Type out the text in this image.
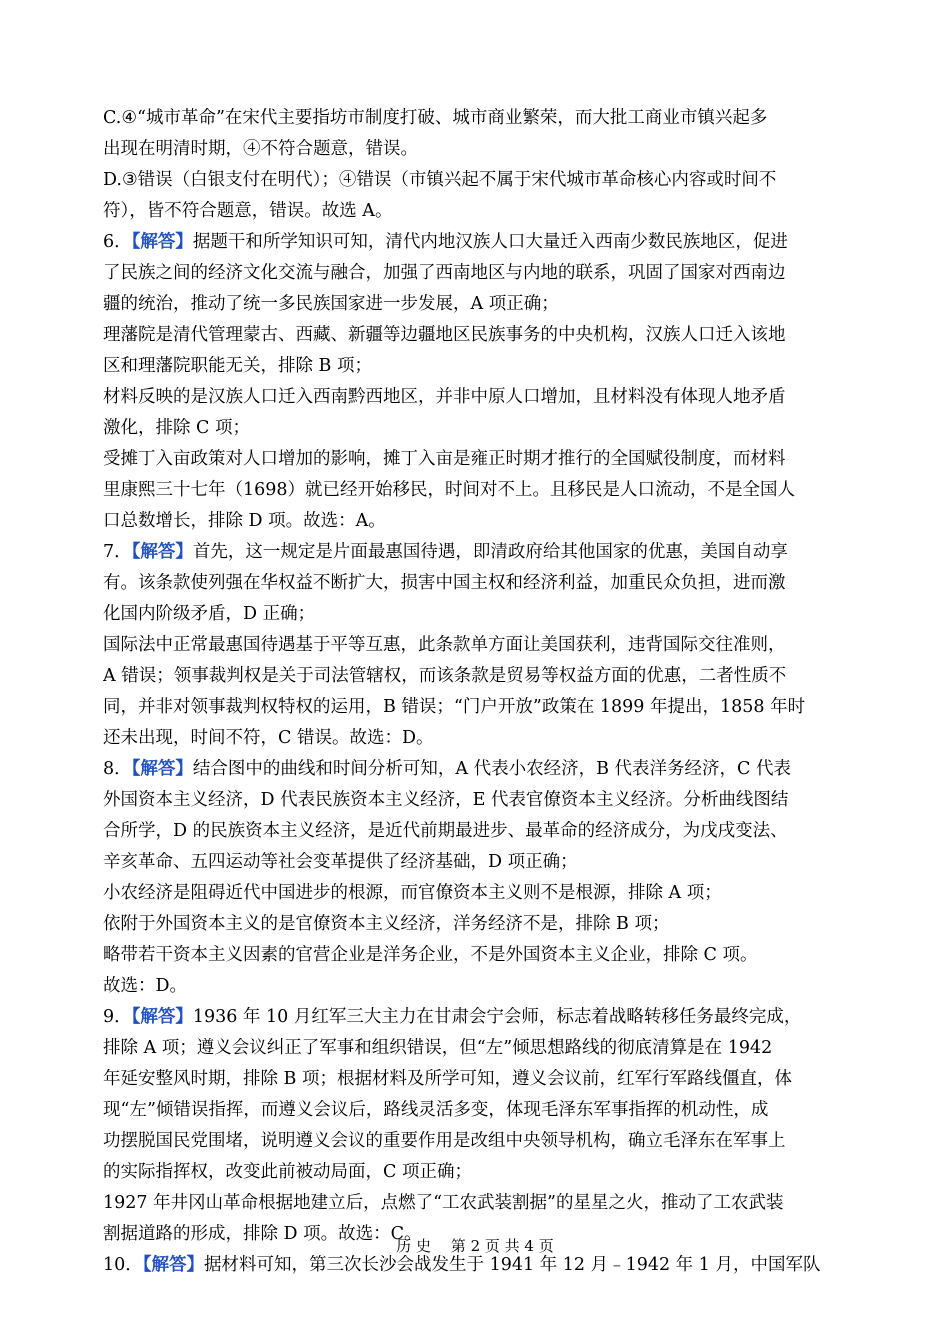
C.④“城市革命”在宋代主要指坊市制度打破、城市商业繁荣，而大批工商业市镇兴起多
出现在明清时期，④不符合题意，错误。
D.③错误（白银支付在明代）；④错误（市镇兴起不属于宋代城市革命核心内容或时间不
符），皆不符合题意，错误。故选 A。
6．【解答】据题干和所学知识可知，清代内地汉族人口大量迁入西南少数民族地区，促进
了民族之间的经济文化交流与融合，加强了西南地区与内地的联系，巩固了国家对西南边
疆的统治，推动了统一多民族国家进一步发展，A 项正确；
理藩院是清代管理蒙古、西藏、新疆等边疆地区民族事务的中央机构，汉族人口迁入该地
区和理藩院职能无关，排除 B 项；
材料反映的是汉族人口迁入西南黔西地区，并非中原人口增加，且材料没有体现人地矛盾
激化，排除 C 项；
受摊丁入亩政策对人口增加的影响，摊丁入亩是雍正时期才推行的全国赋役制度，而材料
里康熙三十七年（1698）就已经开始移民，时间对不上。且移民是人口流动，不是全国人
口总数增长，排除 D 项。故选：A。
7．【解答】首先，这一规定是片面最惠国待遇，即清政府给其他国家的优惠，美国自动享
有。该条款使列强在华权益不断扩大，损害中国主权和经济利益，加重民众负担，进而激
化国内阶级矛盾，D 正确；
国际法中正常最惠国待遇基于平等互惠，此条款单方面让美国获利，违背国际交往准则，
A 错误；领事裁判权是关于司法管辖权，而该条款是贸易等权益方面的优惠，二者性质不
同，并非对领事裁判权特权的运用，B 错误；“门户开放”政策在 1899 年提出，1858 年时
还未出现，时间不符，C 错误。故选：D。
8．【解答】结合图中的曲线和时间分析可知，A 代表小农经济，B 代表洋务经济，C 代表
外国资本主义经济，D 代表民族资本主义经济，E 代表官僚资本主义经济。分析曲线图结
合所学，D 的民族资本主义经济，是近代前期最进步、最革命的经济成分，为戊戌变法、
辛亥革命、五四运动等社会变革提供了经济基础，D 项正确；
小农经济是阻碍近代中国进步的根源，而官僚资本主义则不是根源，排除 A 项；
依附于外国资本主义的是官僚资本主义经济，洋务经济不是，排除 B 项；
略带若干资本主义因素的官营企业是洋务企业，不是外国资本主义企业，排除 C 项。
故选：D。
9．【解答】1936 年 10 月红军三大主力在甘肃会宁会师，标志着战略转移任务最终完成，
排除 A 项；遵义会议纠正了军事和组织错误，但“左”倾思想路线的彻底清算是在 1942
年延安整风时期，排除 B 项；根据材料及所学可知，遵义会议前，红军行军路线僵直，体
现“左”倾错误指挥，而遵义会议后，路线灵活多变，体现毛泽东军事指挥的机动性，成
功摆脱国民党围堵，说明遵义会议的重要作用是改组中央领导机构，确立毛泽东在军事上
的实际指挥权，改变此前被动局面，C 项正确；
1927 年井冈山革命根据地建立后，点燃了“工农武装割据”的星星之火，推动了工农武装
割据道路的形成，排除 D 项。故选：C。
10．【解答】据材料可知，第三次长沙会战发生于 1941 年 12 月﹣1942 年 1 月，中国军队
历 史　 第 2 页 共 4 页
